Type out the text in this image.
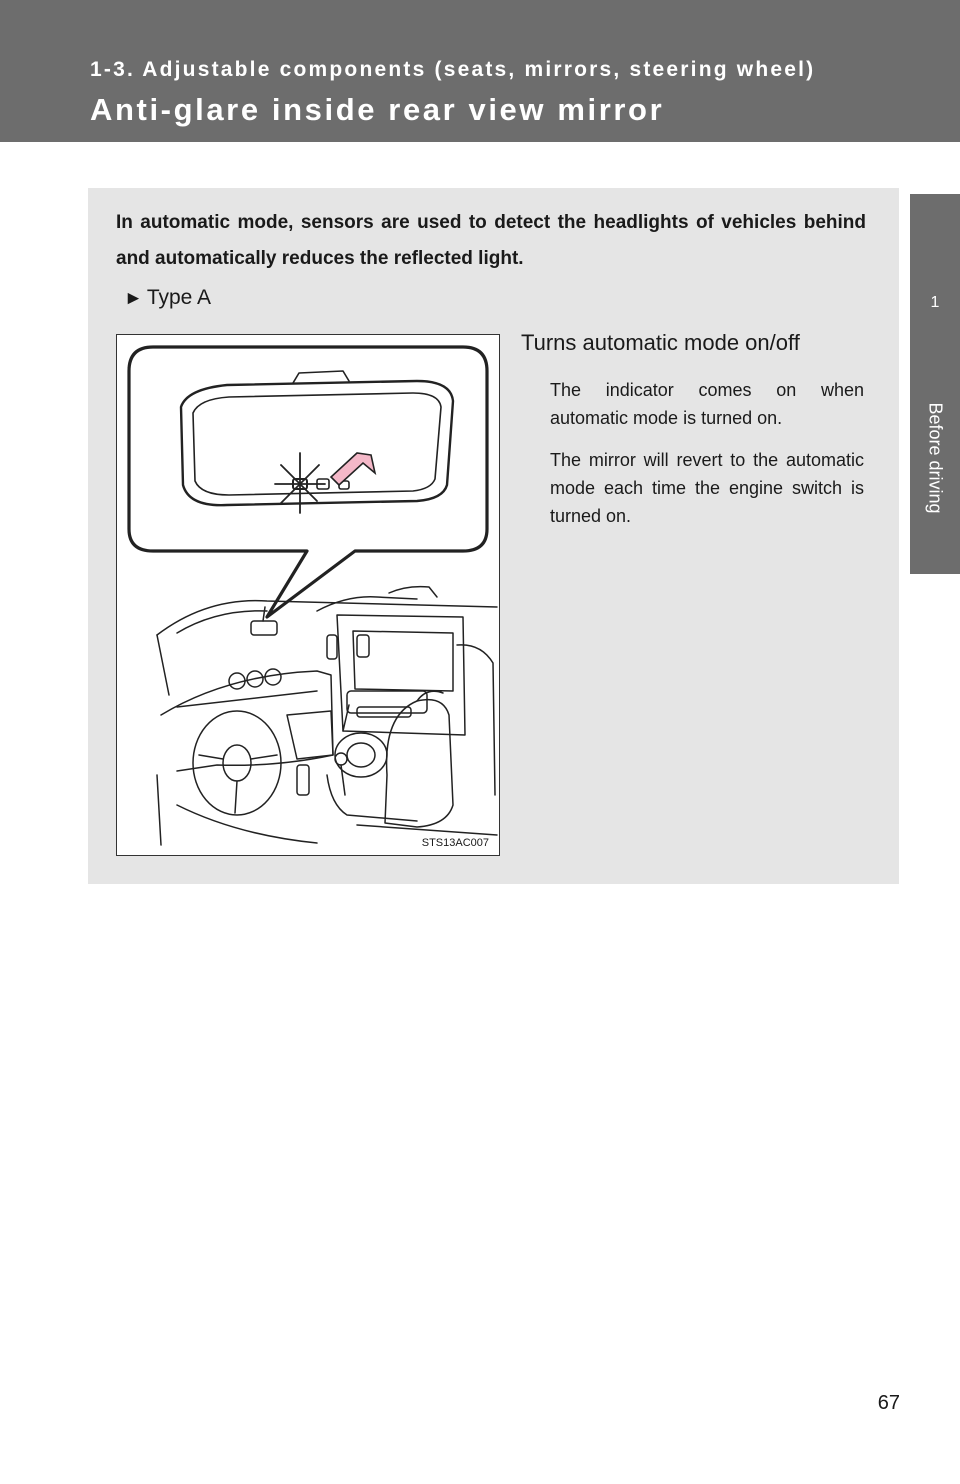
1-3. Adjustable components (seats, mirrors, steering wheel)
Anti-glare inside rear view mirror
1
Before driving
In automatic mode, sensors are used to detect the headlights of vehicles behind and automatically reduces the reflected light.
► Type A
STS13AC007
Turns automatic mode on/off
The indicator comes on when automatic mode is turned on.
The mirror will revert to the automatic mode each time the engine switch is turned on.
67
